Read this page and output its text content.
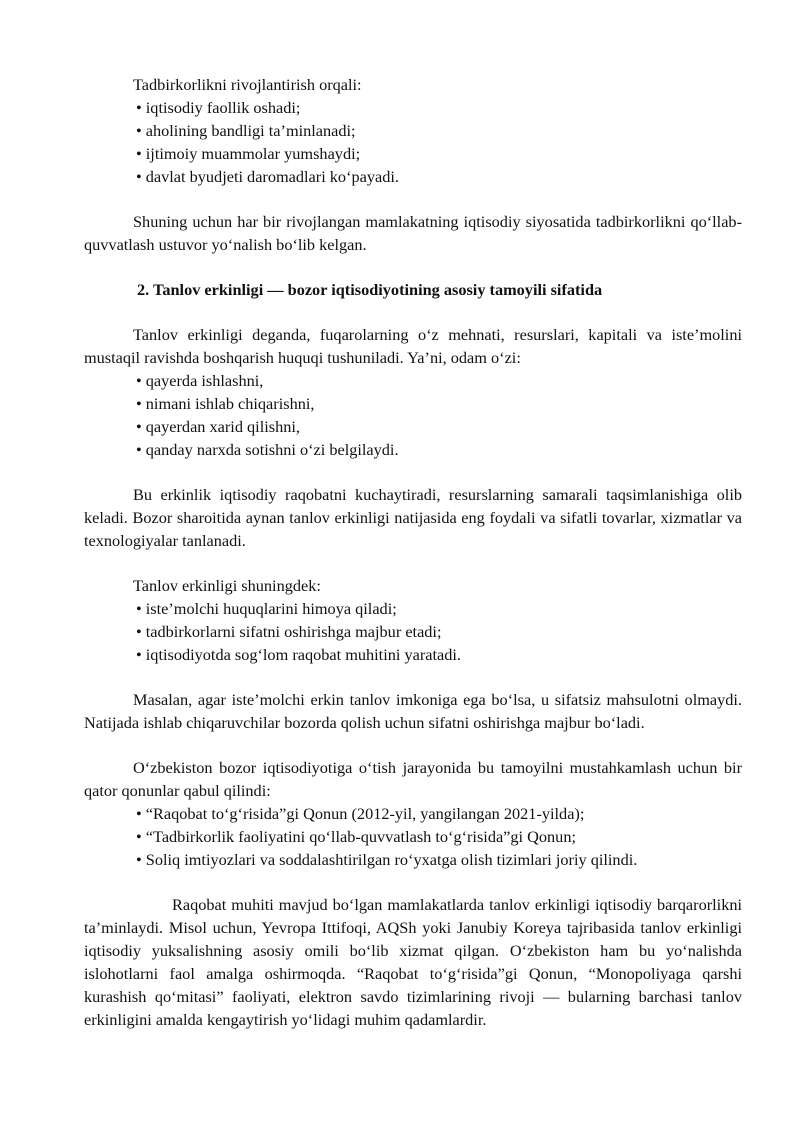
Tadbirkorlikni rivojlantirish orqali:

• iqtisodiy faollik oshadi;
• aholining bandligi ta’minlanadi;
• ijtimoiy muammolar yumshaydi;
• davlat byudjeti daromadlari ko‘payadi.

Shuning uchun har bir rivojlangan mamlakatning iqtisodiy siyosatida tadbirkorlikni qo‘llab-quvvatlash ustuvor yo‘nalish bo‘lib kelgan.

2. Tanlov erkinligi — bozor iqtisodiyotining asosiy tamoyili sifatida

Tanlov erkinligi deganda, fuqarolarning o‘z mehnati, resurslari, kapitali va iste’molini mustaqil ravishda boshqarish huquqi tushuniladi. Ya’ni, odam o‘zi:

• qayerda ishlashni,
• nimani ishlab chiqarishni,
• qayerdan xarid qilishni,
• qanday narxda sotishni o‘zi belgilaydi.

Bu erkinlik iqtisodiy raqobatni kuchaytiradi, resurslarning samarali taqsimlanishiga olib keladi. Bozor sharoitida aynan tanlov erkinligi natijasida eng foydali va sifatli tovarlar, xizmatlar va texnologiyalar tanlanadi.

Tanlov erkinligi shuningdek:

• iste’molchi huquqlarini himoya qiladi;
• tadbirkorlarni sifatni oshirishga majbur etadi;
• iqtisodiyotda sog‘lom raqobat muhitini yaratadi.

Masalan, agar iste’molchi erkin tanlov imkoniga ega bo‘lsa, u sifatsiz mahsulotni olmaydi. Natijada ishlab chiqaruvchilar bozorda qolish uchun sifatni oshirishga majbur bo‘ladi.

O‘zbekiston bozor iqtisodiyotiga o‘tish jarayonida bu tamoyilni mustahkamlash uchun bir qator qonunlar qabul qilindi:

• “Raqobat to‘g‘risida”gi Qonun (2012-yil, yangilangan 2021-yilda);
• “Tadbirkorlik faoliyatini qo‘llab-quvvatlash to‘g‘risida”gi Qonun;
• Soliq imtiyozlari va soddalashtirilgan ro‘yxatga olish tizimlari joriy qilindi.

Raqobat muhiti mavjud bo‘lgan mamlakatlarda tanlov erkinligi iqtisodiy barqarorlikni ta’minlaydi. Misol uchun, Yevropa Ittifoqi, AQSh yoki Janubiy Koreya tajribasida tanlov erkinligi iqtisodiy yuksalishning asosiy omili bo‘lib xizmat qilgan. O‘zbekiston ham bu yo‘nalishda islohotlarni faol amalga oshirmoqda. “Raqobat to‘g‘risida”gi Qonun, “Monopoliyaga qarshi kurashish qo‘mitasi” faoliyati, elektron savdo tizimlarining rivoji — bularning barchasi tanlov erkinligini amalda kengaytirish yo‘lidagi muhim qadamlardir.
